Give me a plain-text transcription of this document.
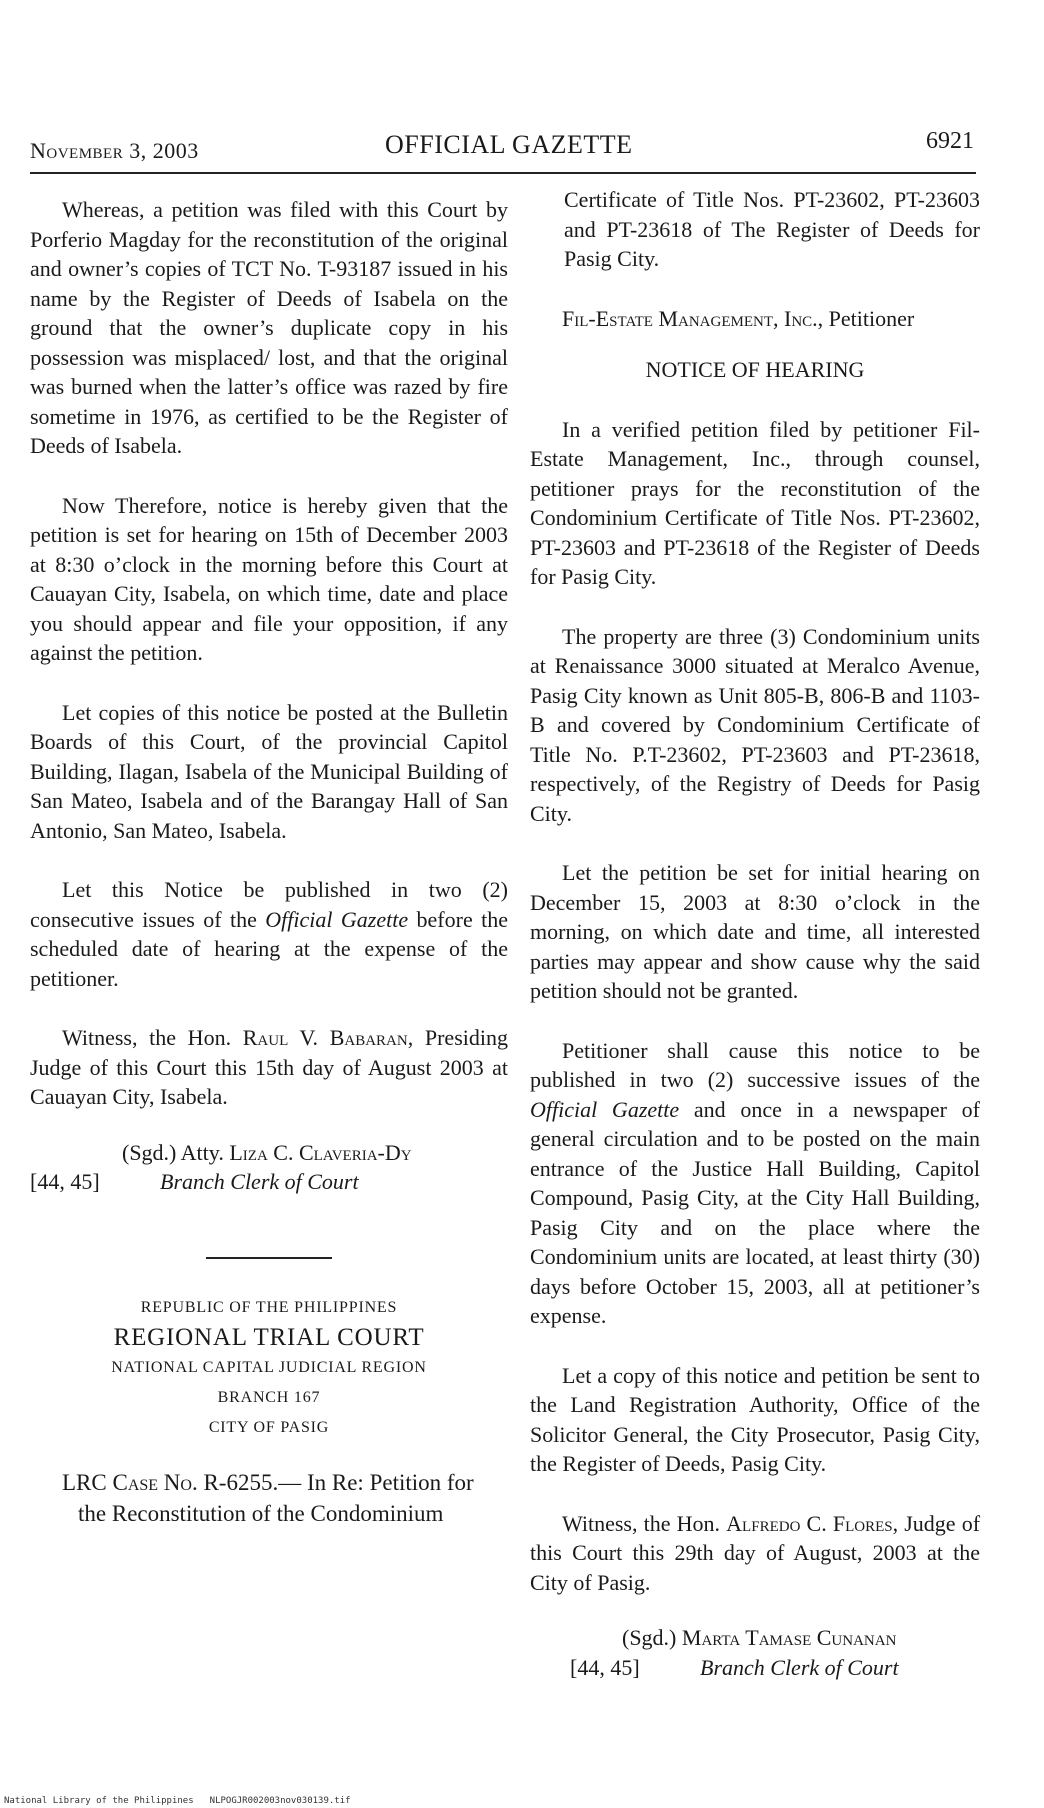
November 3, 2003	OFFICIAL GAZETTE	6921

Whereas, a petition was filed with this Court by Porferio Magday for the reconstitution of the original and owner’s copies of TCT No. T-93187 issued in his name by the Register of Deeds of Isabela on the ground that the owner’s duplicate copy in his possession was misplaced/ lost, and that the original was burned when the latter’s office was razed by fire sometime in 1976, as certified to be the Register of Deeds of Isabela.

Now Therefore, notice is hereby given that the petition is set for hearing on 15th of December 2003 at 8:30 o’clock in the morning before this Court at Cauayan City, Isabela, on which time, date and place you should appear and file your opposition, if any against the petition.

Let copies of this notice be posted at the Bulletin Boards of this Court, of the provincial Capitol Building, Ilagan, Isabela of the Municipal Building of San Mateo, Isabela and of the Barangay Hall of San Antonio, San Mateo, Isabela.

Let this Notice be published in two (2) consecutive issues of the Official Gazette before the scheduled date of hearing at the expense of the petitioner.

Witness, the Hon. Raul V. Babaran, Presiding Judge of this Court this 15th day of August 2003 at Cauayan City, Isabela.

(Sgd.) Atty. Liza C. Claveria-Dy
[44, 45]	Branch Clerk of Court
REPUBLIC OF THE PHILIPPINES
REGIONAL TRIAL COURT
NATIONAL CAPITAL JUDICIAL REGION
BRANCH 167
CITY OF PASIG
LRC Case No. R-6255.— In Re: Petition for
the Reconstitution of the Condominium

Certificate of Title Nos. PT-23602, PT-23603 and PT-23618 of The Register of Deeds for Pasig City.

Fil-Estate Management, Inc., Petitioner

NOTICE OF HEARING

In a verified petition filed by petitioner Fil-Estate Management, Inc., through counsel, petitioner prays for the reconstitution of the Condominium Certificate of Title Nos. PT-23602, PT-23603 and PT-23618 of the Register of Deeds for Pasig City.

The property are three (3) Condominium units at Renaissance 3000 situated at Meralco Avenue, Pasig City known as Unit 805-B, 806-B and 1103-B and covered by Condominium Certificate of Title No. P.T-23602, PT-23603 and PT-23618, respectively, of the Registry of Deeds for Pasig City.

Let the petition be set for initial hearing on December 15, 2003 at 8:30 o’clock in the morning, on which date and time, all interested parties may appear and show cause why the said petition should not be granted.

Petitioner shall cause this notice to be published in two (2) successive issues of the Official Gazette and once in a newspaper of general circulation and to be posted on the main entrance of the Justice Hall Building, Capitol Compound, Pasig City, at the City Hall Building, Pasig City and on the place where the Condominium units are located, at least thirty (30) days before October 15, 2003, all at petitioner’s expense.

Let a copy of this notice and petition be sent to the Land Registration Authority, Office of the Solicitor General, the City Prosecutor, Pasig City, the Register of Deeds, Pasig City.

Witness, the Hon. Alfredo C. Flores, Judge of this Court this 29th day of August, 2003 at the City of Pasig.

(Sgd.) Marta Tamase Cunanan
[44, 45]	Branch Clerk of Court
National Library of the Philippines NLPOGJR002003nov030139.tif
